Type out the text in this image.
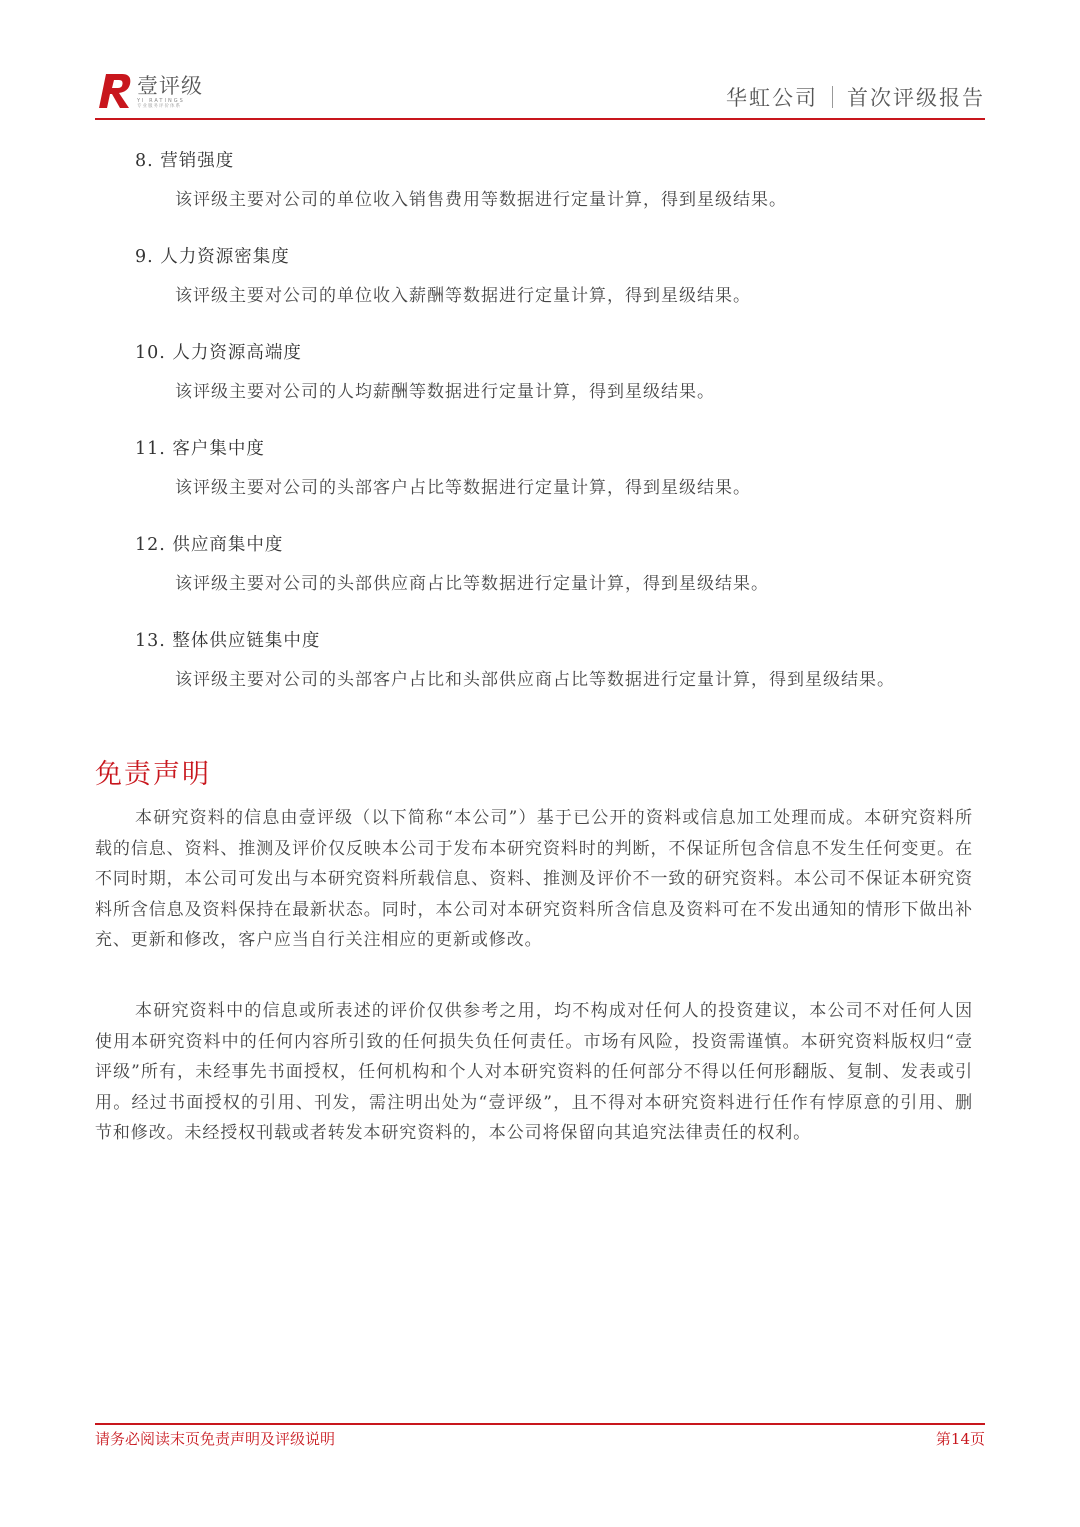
壹评级
YI RATINGS
专业服务评价体系	华虹公司 首次评级报告
8. 营销强度
该评级主要对公司的单位收入销售费用等数据进行定量计算，得到星级结果。
9. 人力资源密集度
该评级主要对公司的单位收入薪酬等数据进行定量计算，得到星级结果。
10. 人力资源高端度
该评级主要对公司的人均薪酬等数据进行定量计算，得到星级结果。
11. 客户集中度
该评级主要对公司的头部客户占比等数据进行定量计算，得到星级结果。
12. 供应商集中度
该评级主要对公司的头部供应商占比等数据进行定量计算，得到星级结果。
13. 整体供应链集中度
该评级主要对公司的头部客户占比和头部供应商占比等数据进行定量计算，得到星级结果。
免责声明

本研究资料的信息由壹评级（以下简称“本公司”）基于已公开的资料或信息加工处理而成。本研究资料所载的信息、资料、推测及评价仅反映本公司于发布本研究资料时的判断，不保证所包含信息不发生任何变更。在不同时期，本公司可发出与本研究资料所载信息、资料、推测及评价不一致的研究资料。本公司不保证本研究资料所含信息及资料保持在最新状态。同时，本公司对本研究资料所含信息及资料可在不发出通知的情形下做出补充、更新和修改，客户应当自行关注相应的更新或修改。

本研究资料中的信息或所表述的评价仅供参考之用，均不构成对任何人的投资建议，本公司不对任何人因使用本研究资料中的任何内容所引致的任何损失负任何责任。市场有风险，投资需谨慎。本研究资料版权归“壹评级”所有，未经事先书面授权，任何机构和个人对本研究资料的任何部分不得以任何形翻版、复制、发表或引用。经过书面授权的引用、刊发，需注明出处为“壹评级”，且不得对本研究资料进行任作有悖原意的引用、删节和修改。未经授权刊载或者转发本研究资料的，本公司将保留向其追究法律责任的权利。

请务必阅读末页免责声明及评级说明	第14页
